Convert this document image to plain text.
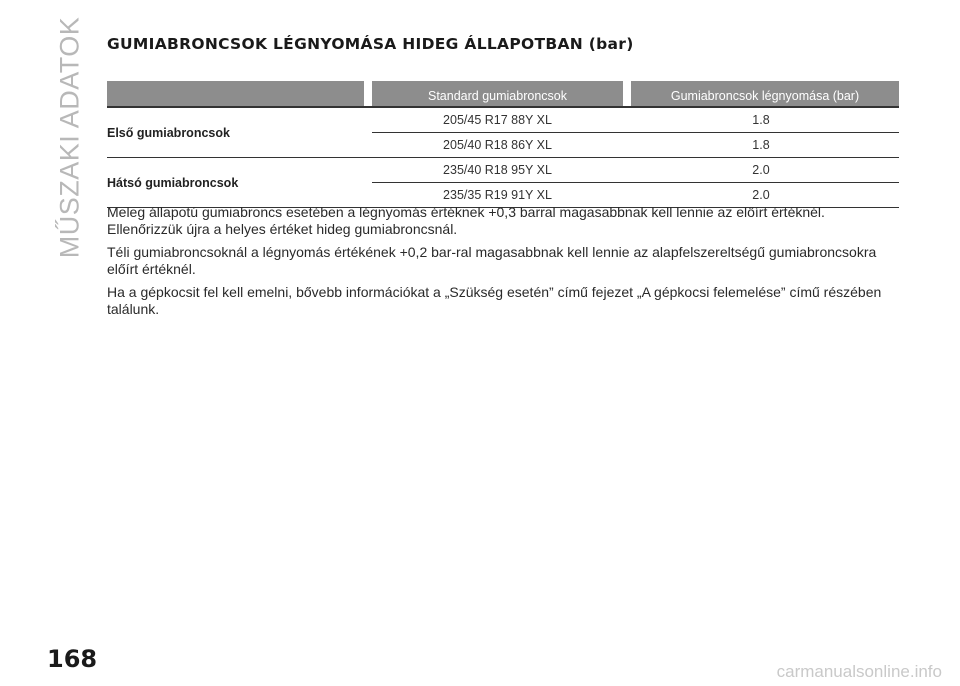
MŰSZAKI ADATOK GUMIABRONCSOK LÉGNYOMÁSA HIDEG ÁLLAPOTBAN (bar)
Standard gumiabroncsok	Gumiabroncsok légnyomása (bar)
Első gumiabroncsok
205/45 R17 88Y XL	1.8
205/40 R18 86Y XL	1.8
Hátsó gumiabroncsok
235/40 R18 95Y XL	2.0
235/35 R19 91Y XL	2.0

Meleg állapotú gumiabroncs esetében a légnyomás értéknek +0,3 barral magasabbnak kell lennie az előírt értéknél. Ellenőrizzük újra a helyes értéket hideg gumiabroncsnál.

Téli gumiabroncsoknál a légnyomás értékének +0,2 bar-ral magasabbnak kell lennie az alapfelszereltségű gumiabroncsokra előírt értéknél.

Ha a gépkocsit fel kell emelni, bővebb információkat a „Szükség esetén” című fejezet „A gépkocsi felemelése” című részében találunk.

168	carmanualsonline.info
